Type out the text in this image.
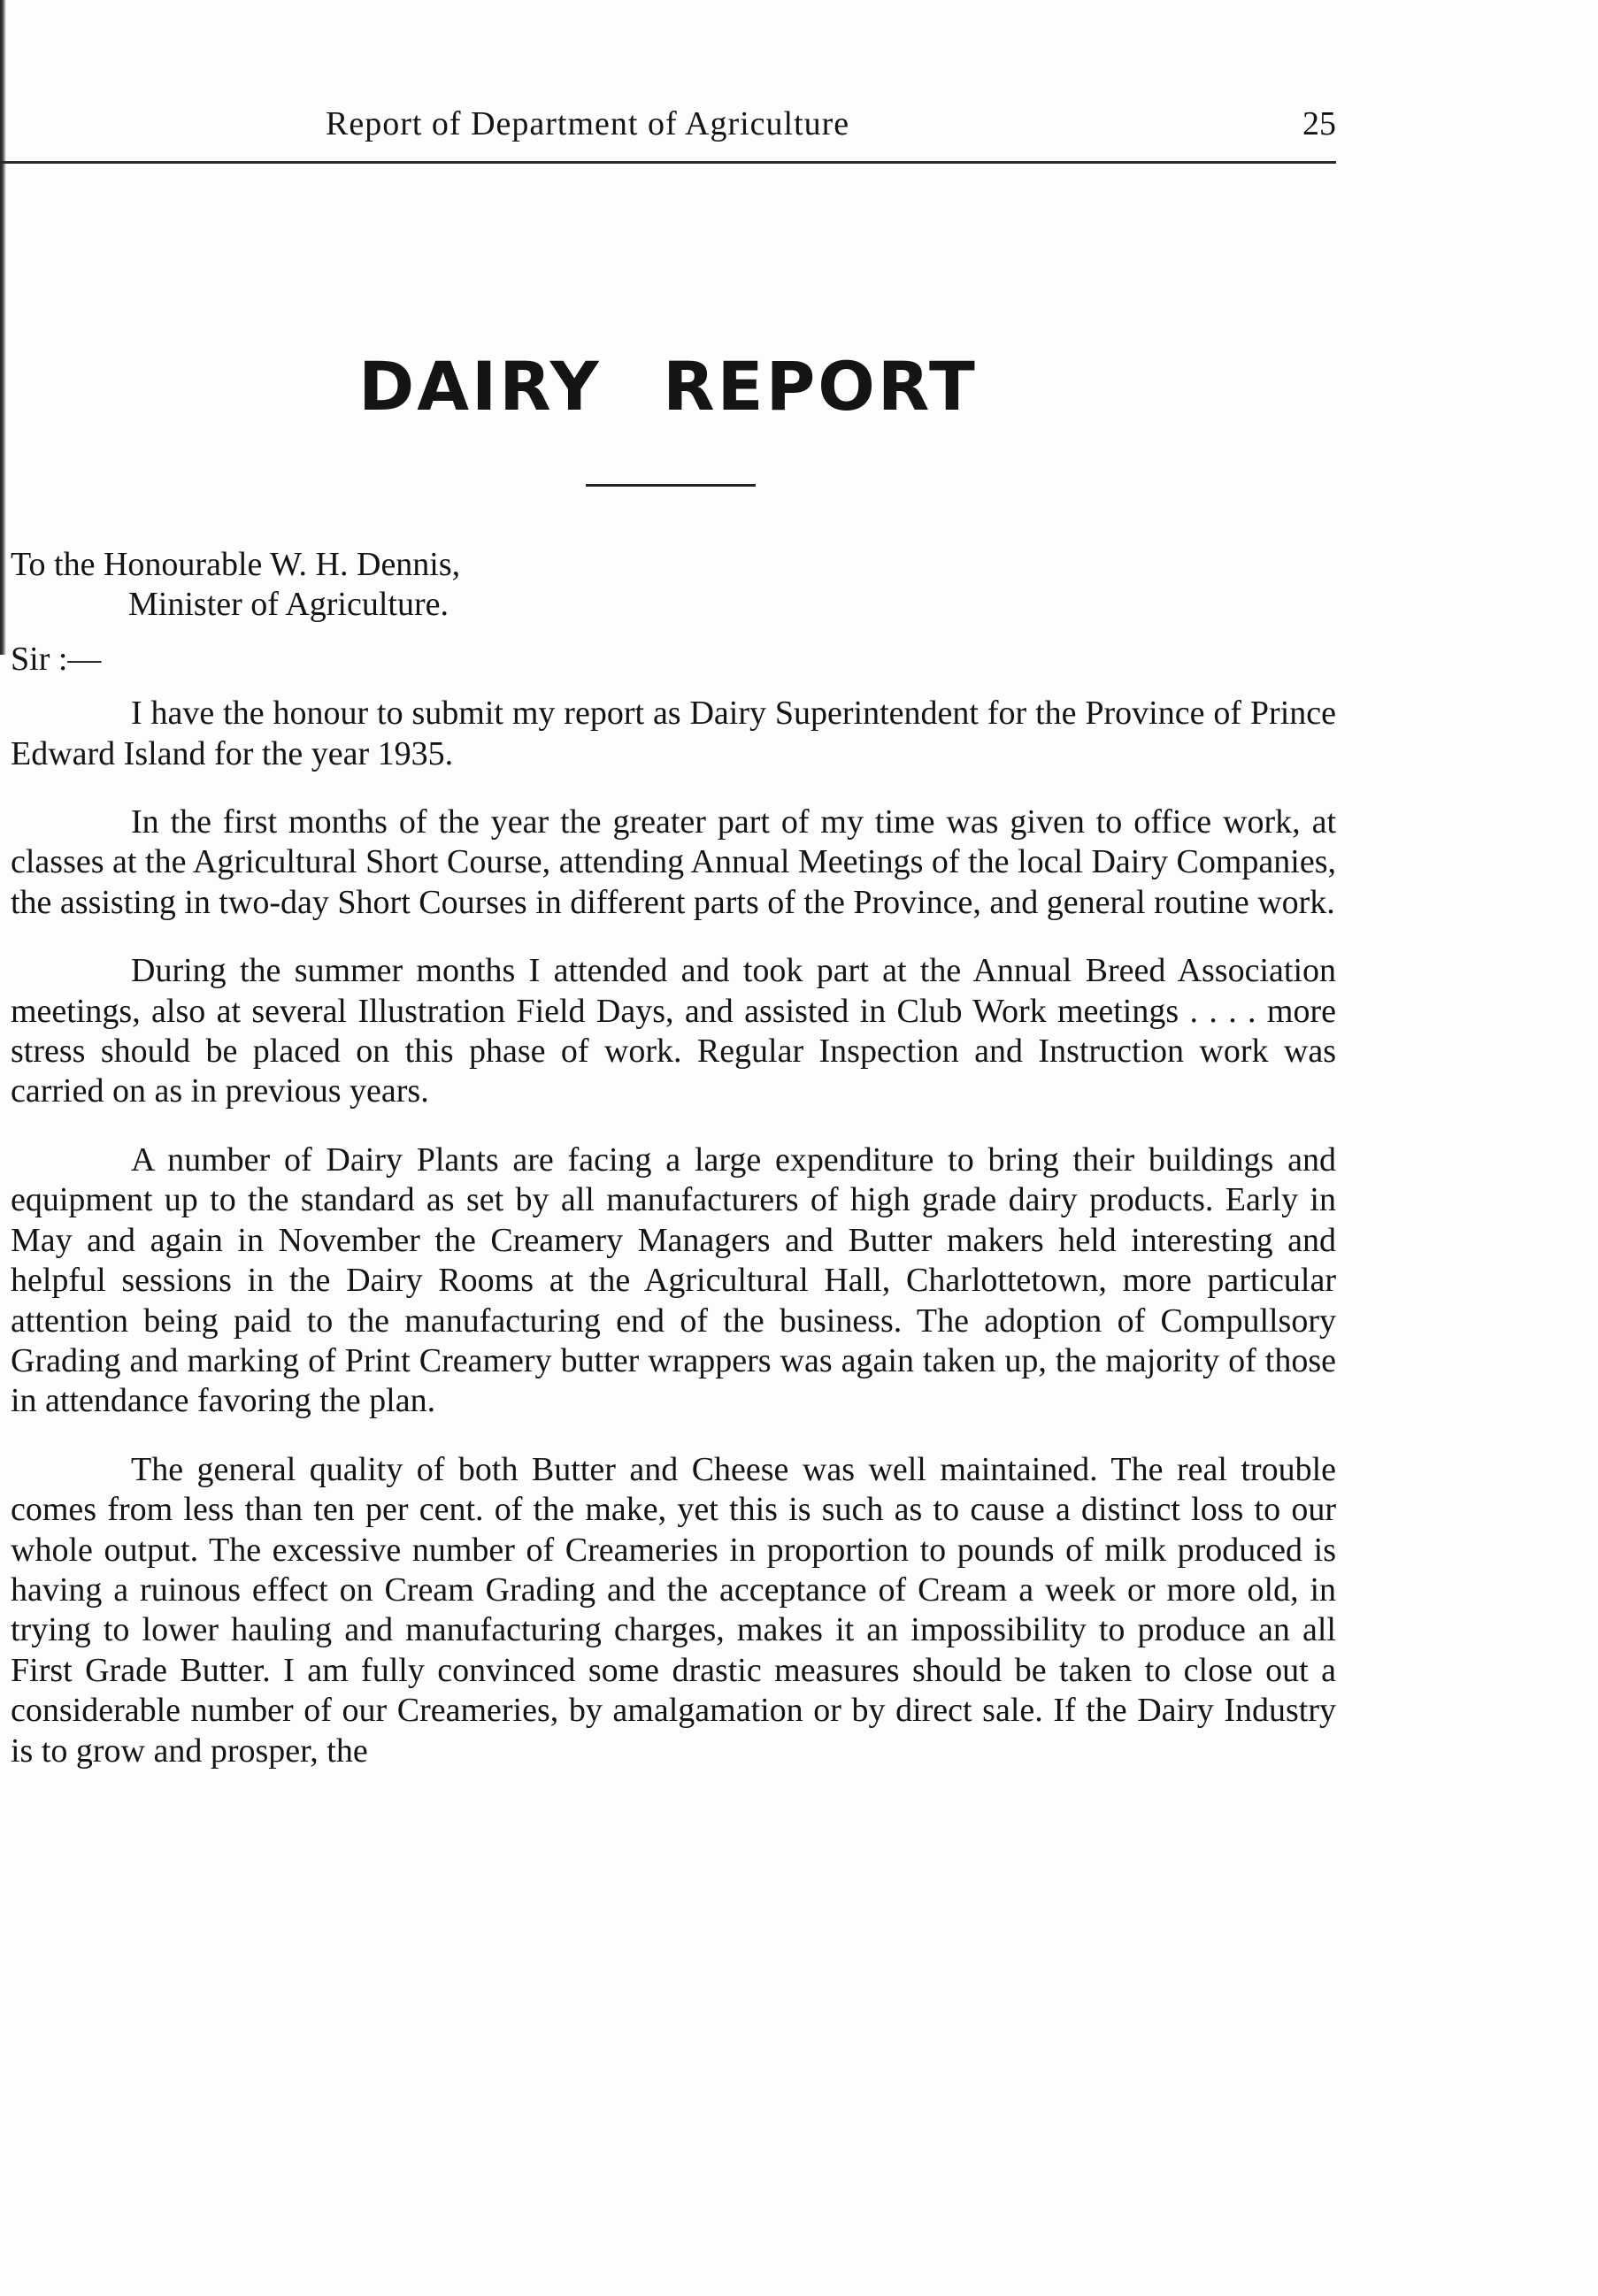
Report of Department of Agriculture	25
DAIRY REPORT

To the Honourable W. H. Dennis,

Minister of Agriculture.

Sir :—

I have the honour to submit my report as Dairy Superintendent for the Province of Prince Edward Island for the year 1935.

In the first months of the year the greater part of my time was given to office work, at classes at the Agricultural Short Course, attending Annual Meetings of the local Dairy Companies, the assisting in two-day Short Courses in different parts of the Province, and general routine work.

During the summer months I attended and took part at the Annual Breed Association meetings, also at several Illustration Field Days, and assisted in Club Work meetings . . . . more stress should be placed on this phase of work. Regular Inspection and Instruction work was carried on as in previous years.

A number of Dairy Plants are facing a large expenditure to bring their buildings and equipment up to the standard as set by all manufacturers of high grade dairy products. Early in May and again in November the Creamery Managers and Butter makers held interesting and helpful sessions in the Dairy Rooms at the Agricultural Hall, Charlottetown, more particular attention being paid to the manufacturing end of the business. The adoption of Compullsory Grading and marking of Print Creamery butter wrappers was again taken up, the majority of those in attendance favoring the plan.

The general quality of both Butter and Cheese was well maintained. The real trouble comes from less than ten per cent. of the make, yet this is such as to cause a distinct loss to our whole output. The excessive number of Creameries in proportion to pounds of milk produced is having a ruinous effect on Cream Grading and the acceptance of Cream a week or more old, in trying to lower hauling and manufacturing charges, makes it an impossibility to produce an all First Grade Butter. I am fully convinced some drastic measures should be taken to close out a considerable number of our Creameries, by amalgamation or by direct sale. If the Dairy Industry is to grow and prosper, the
